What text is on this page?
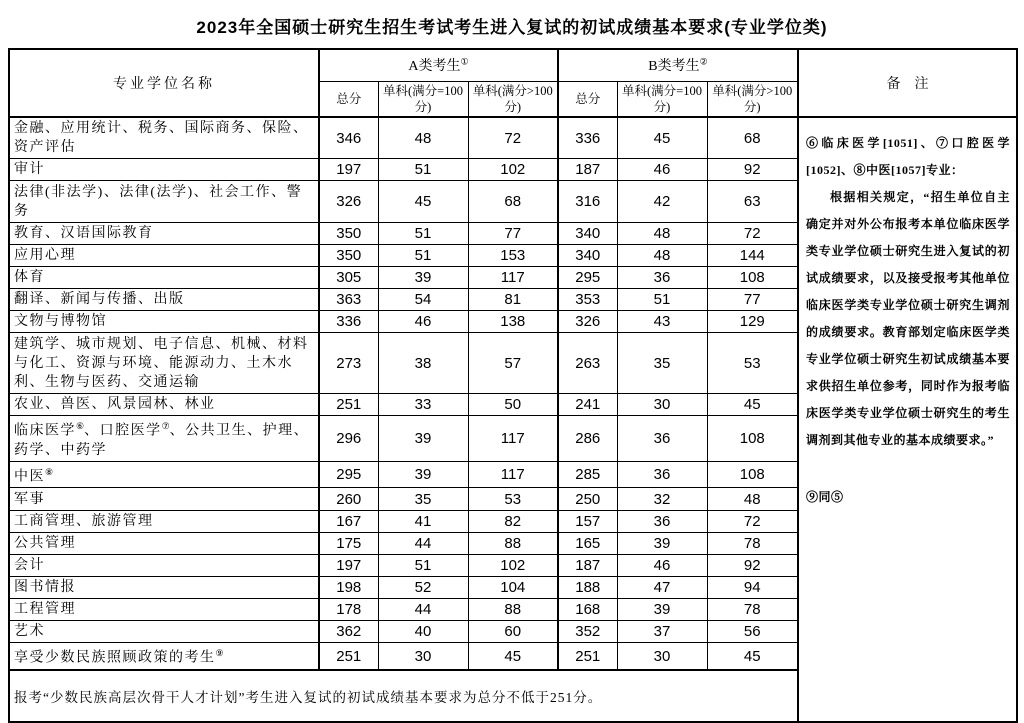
2023年全国硕士研究生招生考试考生进入复试的初试成绩基本要求(专业学位类)
专业学位名称	A类考生①			B类考生②			备　注
	总分	单科(满分=100分)	单科(满分>100分)	总分	单科(满分=100分)	单科(满分>100分)	
金融、应用统计、税务、国际商务、保险、资产评估	346	48	72	336	45	68	⑥临床医学[1051]、⑦口腔医学[1052]、⑧中医[1057]专业：

根据相关规定，“招生单位自主确定并对外公布报考本单位临床医学类专业学位硕士研究生进入复试的初试成绩要求，以及接受报考其他单位临床医学类专业学位硕士研究生调剂的成绩要求。教育部划定临床医学类专业学位硕士研究生初试成绩基本要求供招生单位参考，同时作为报考临床医学类专业学位硕士研究生的考生调剂到其他专业的基本成绩要求。”

⑨同⑤

审计	197	51	102	187	46	92	
法律(非法学)、法律(法学)、社会工作、警务	326	45	68	316	42	63	
教育、汉语国际教育	350	51	77	340	48	72	
应用心理	350	51	153	340	48	144	
体育	305	39	117	295	36	108	
翻译、新闻与传播、出版	363	54	81	353	51	77	
文物与博物馆	336	46	138	326	43	129	
建筑学、城市规划、电子信息、机械、材料与化工、资源与环境、能源动力、土木水利、生物与医药、交通运输	273	38	57	263	35	53	
农业、兽医、风景园林、林业	251	33	50	241	30	45	
临床医学⑥、口腔医学⑦、公共卫生、护理、药学、中药学	296	39	117	286	36	108	
中医⑧	295	39	117	285	36	108	
军事	260	35	53	250	32	48	
工商管理、旅游管理	167	41	82	157	36	72	
公共管理	175	44	88	165	39	78	
会计	197	51	102	187	46	92	
图书情报	198	52	104	188	47	94	
工程管理	178	44	88	168	39	78	
艺术	362	40	60	352	37	56	
享受少数民族照顾政策的考生⑨	251	30	45	251	30	45	
报考“少数民族高层次骨干人才计划”考生进入复试的初试成绩基本要求为总分不低于251分。							
